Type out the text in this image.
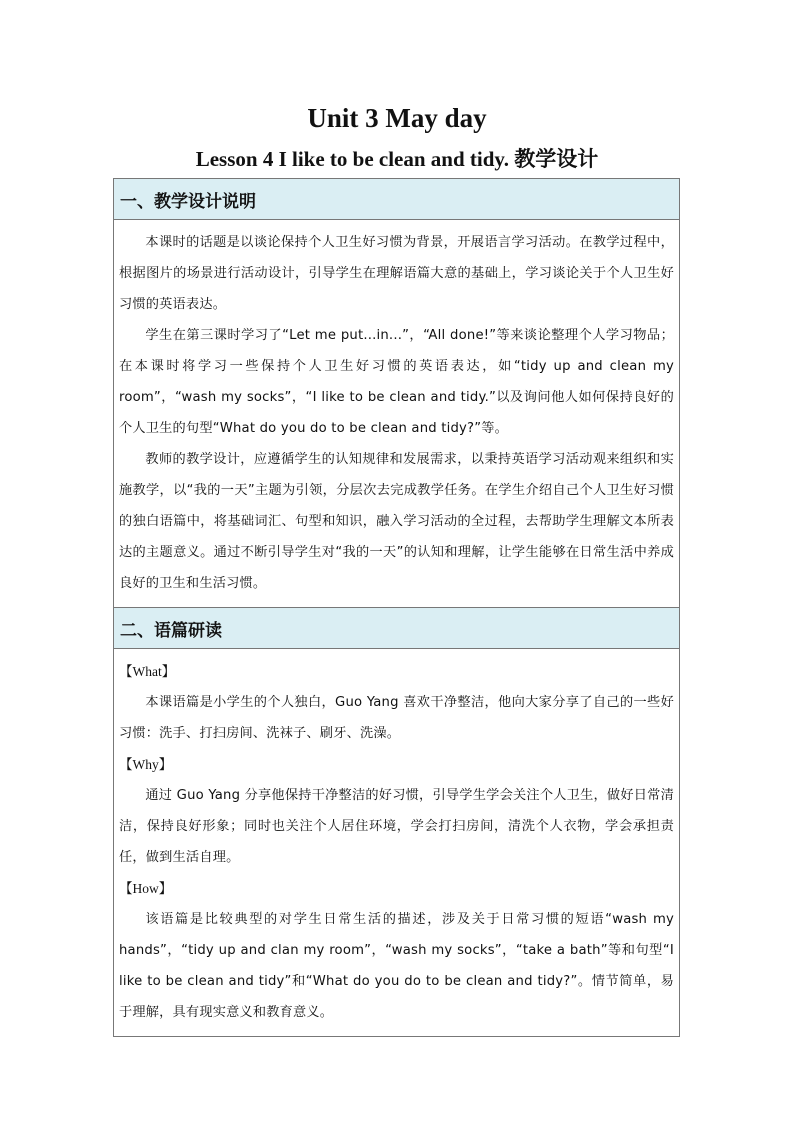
Unit 3 May day
Lesson 4 I like to be clean and tidy. 教学设计
一、教学设计说明

本课时的话题是以谈论保持个人卫生好习惯为背景，开展语言学习活动。在教学过程中，根据图片的场景进行活动设计，引导学生在理解语篇大意的基础上，学习谈论关于个人卫生好习惯的英语表达。

学生在第三课时学习了“Let me put...in...”，“All done!”等来谈论整理个人学习物品；在本课时将学习一些保持个人卫生好习惯的英语表达，如“tidy up and clean my room”，“wash my socks”，“I like to be clean and tidy.”以及询问他人如何保持良好的个人卫生的句型“What do you do to be clean and tidy?”等。

教师的教学设计，应遵循学生的认知规律和发展需求，以秉持英语学习活动观来组织和实施教学，以“我的一天”主题为引领，分层次去完成教学任务。在学生介绍自己个人卫生好习惯的独白语篇中，将基础词汇、句型和知识，融入学习活动的全过程，去帮助学生理解文本所表达的主题意义。通过不断引导学生对“我的一天”的认知和理解，让学生能够在日常生活中养成良好的卫生和生活习惯。

二、语篇研读

【What】

本课语篇是小学生的个人独白，Guo Yang 喜欢干净整洁，他向大家分享了自己的一些好习惯：洗手、打扫房间、洗袜子、刷牙、洗澡。

【Why】

通过 Guo Yang 分享他保持干净整洁的好习惯，引导学生学会关注个人卫生，做好日常清洁，保持良好形象；同时也关注个人居住环境，学会打扫房间，清洗个人衣物，学会承担责任，做到生活自理。

【How】

该语篇是比较典型的对学生日常生活的描述，涉及关于日常习惯的短语“wash my hands”，“tidy up and clan my room”，“wash my socks”，“take a bath”等和句型“I like to be clean and tidy”和“What do you do to be clean and tidy?”。情节简单，易于理解，具有现实意义和教育意义。
